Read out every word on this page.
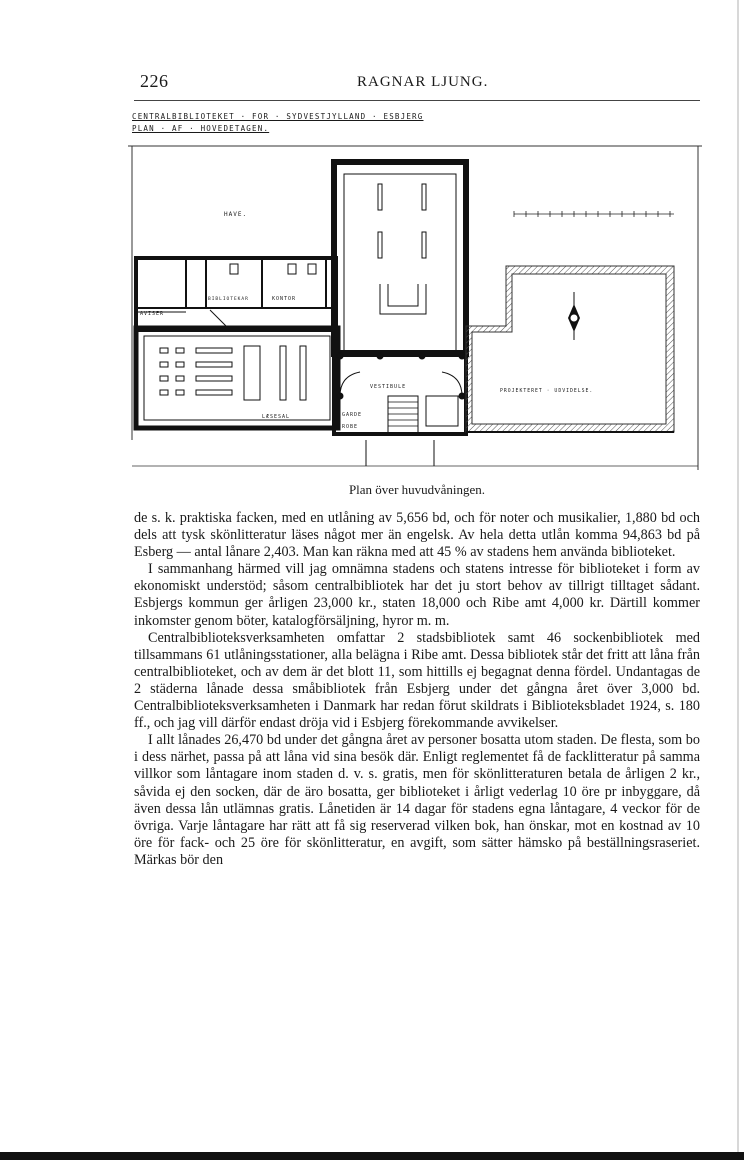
226	RAGNAR LJUNG.
CENTRALBIBLIOTEKET · FOR · SYDVESTJYLLAND · ESBJERG
PLAN · AF · HOVEDETAGEN.
HAVE.
BIBLIOTEKAR	KONTOR
AVISER
LÆSESAL
VESTIBULE
GARDE
ROBE
PROJEKTERET · UDVIDELSE.
Plan över huvudvåningen.

de s. k. praktiska facken, med en utlåning av 5,656 bd, och för noter och musikalier, 1,880 bd och dels att tysk skönlitteratur läses något mer än engelsk. Av hela detta utlån komma 94,863 bd på Esberg — antal lånare 2,403. Man kan räkna med att 45 % av stadens hem använda biblioteket.

I sammanhang härmed vill jag omnämna stadens och statens intresse för biblioteket i form av ekonomiskt understöd; såsom centralbibliotek har det ju stort behov av tillrigt tilltaget sådant. Esbjergs kommun ger årligen 23,000 kr., staten 18,000 och Ribe amt 4,000 kr. Därtill kommer inkomster genom böter, katalogförsäljning, hyror m. m.

Centralbiblioteksverksamheten omfattar 2 stadsbibliotek samt 46 sockenbibliotek med tillsammans 61 utlåningsstationer, alla belägna i Ribe amt. Dessa bibliotek står det fritt att låna från centralbiblioteket, och av dem är det blott 11, som hittills ej begagnat denna fördel. Undantagas de 2 städerna lånade dessa småbibliotek från Esbjerg under det gångna året över 3,000 bd. Centralbiblioteksverksamheten i Danmark har redan förut skildrats i Biblioteksbladet 1924, s. 180 ff., och jag vill därför endast dröja vid i Esbjerg förekommande avvikelser.

I allt lånades 26,470 bd under det gångna året av personer bosatta utom staden. De flesta, som bo i dess närhet, passa på att låna vid sina besök där. Enligt reglementet få de facklitteratur på samma villkor som låntagare inom staden d. v. s. gratis, men för skönlitteraturen betala de årligen 2 kr., såvida ej den socken, där de äro bosatta, ger biblioteket i årligt vederlag 10 öre pr inbyggare, då även dessa lån utlämnas gratis. Lånetiden är 14 dagar för stadens egna låntagare, 4 veckor för de övriga. Varje låntagare har rätt att få sig reserverad vilken bok, han önskar, mot en kostnad av 10 öre för fack- och 25 öre för skönlitteratur, en avgift, som sätter hämsko på beställningsraseriet. Märkas bör den
